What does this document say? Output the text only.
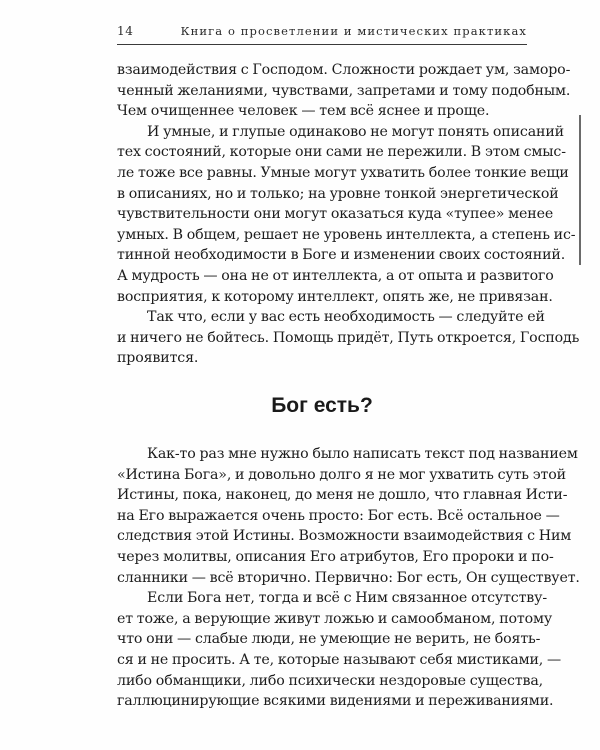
14	Книга о просветлении и мистических практиках
взаимодействия с Господом. Сложности рождает ум, заморо-
ченный желаниями, чувствами, запретами и тому подобным.
Чем очищеннее человек — тем всё яснее и проще.
И умные, и глупые одинаково не могут понять описаний
тех состояний, которые они сами не пережили. В этом смыс-
ле тоже все равны. Умные могут ухватить более тонкие вещи
в описаниях, но и только; на уровне тонкой энергетической
чувствительности они могут оказаться куда «тупее» менее
умных. В общем, решает не уровень интеллекта, а степень ис-
тинной необходимости в Боге и изменении своих состояний.
А мудрость — она не от интеллекта, а от опыта и развитого
восприятия, к которому интеллект, опять же, не привязан.
Так что, если у вас есть необходимость — следуйте ей
и ничего не бойтесь. Помощь придёт, Путь откроется, Господь
проявится.
Бог есть?
Как-то раз мне нужно было написать текст под названием
«Истина Бога», и довольно долго я не мог ухватить суть этой
Истины, пока, наконец, до меня не дошло, что главная Исти-
на Его выражается очень просто: Бог есть. Всё остальное —
следствия этой Истины. Возможности взаимодействия с Ним
через молитвы, описания Его атрибутов, Его пророки и по-
сланники — всё вторично. Первично: Бог есть, Он существует.
Если Бога нет, тогда и всё с Ним связанное отсутству-
ет тоже, а верующие живут ложью и самообманом, потому
что они — слабые люди, не умеющие не верить, не боять-
ся и не просить. А те, которые называют себя мистиками, —
либо обманщики, либо психически нездоровые существа,
галлюцинирующие всякими видениями и переживаниями.
